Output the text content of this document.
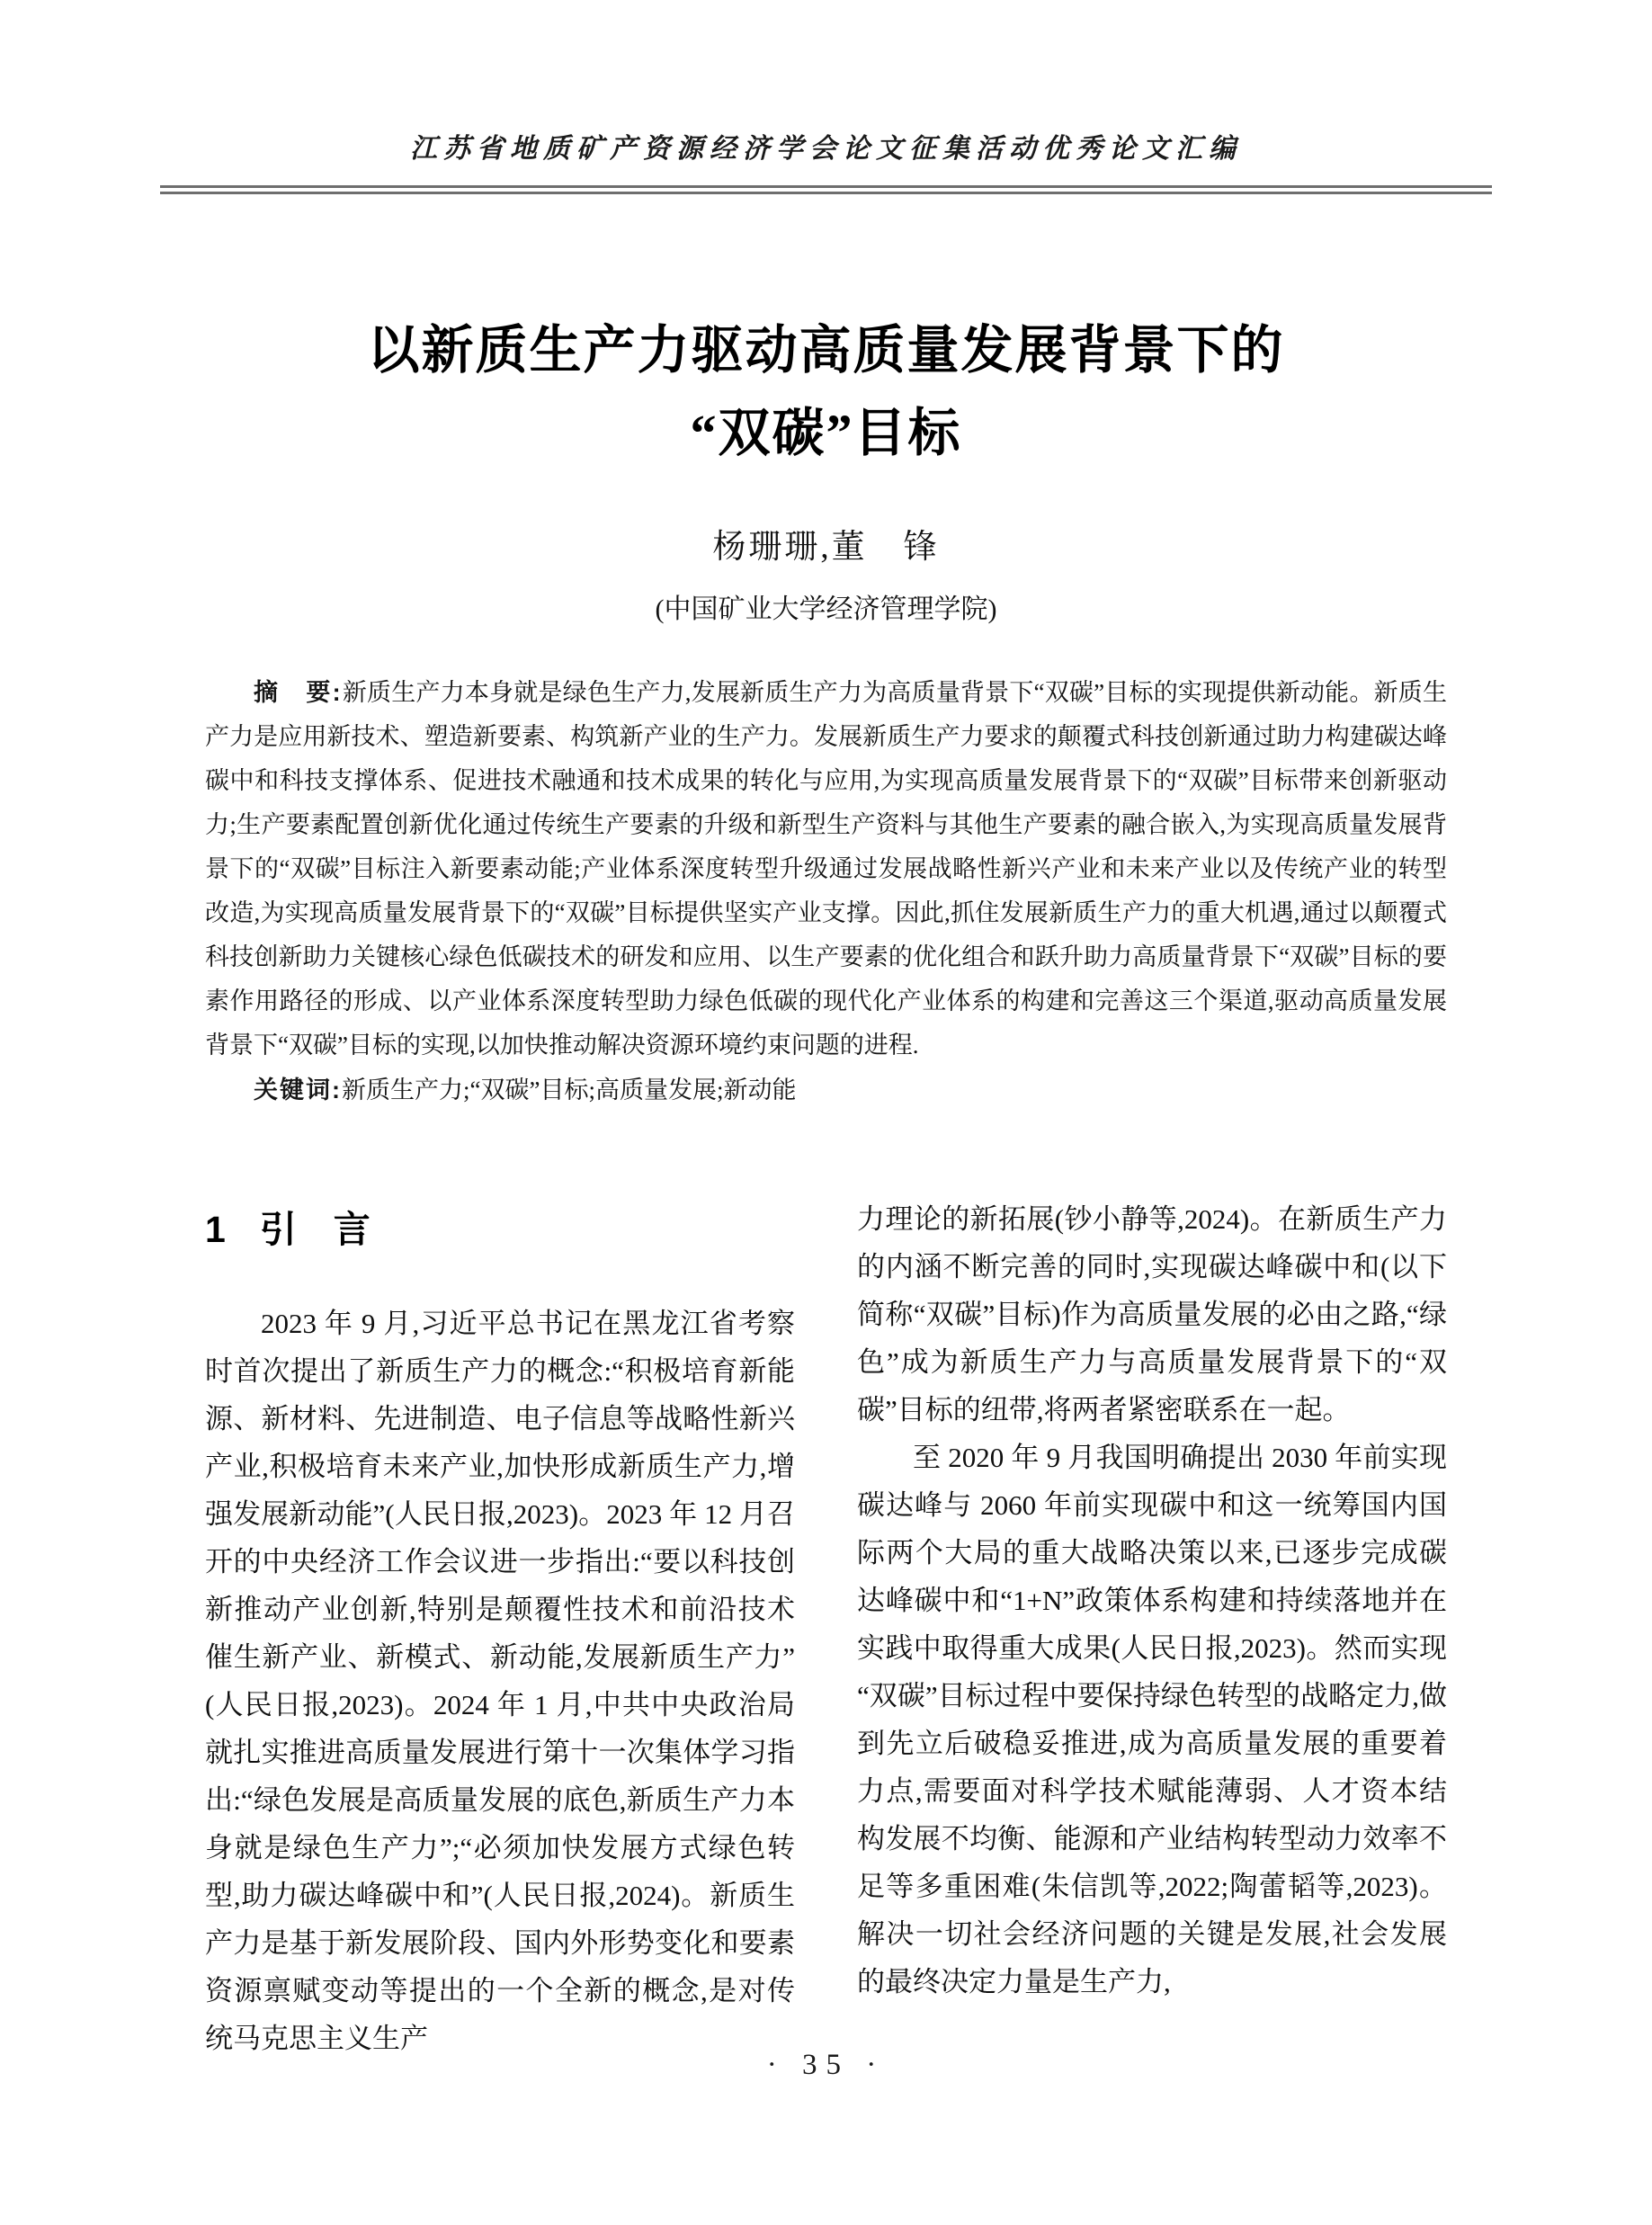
江苏省地质矿产资源经济学会论文征集活动优秀论文汇编
以新质生产力驱动高质量发展背景下的
“双碳”目标
杨珊珊,董　锋
(中国矿业大学经济管理学院)
摘　要:新质生产力本身就是绿色生产力,发展新质生产力为高质量背景下“双碳”目标的实现提供新动能。新质生产力是应用新技术、塑造新要素、构筑新产业的生产力。发展新质生产力要求的颠覆式科技创新通过助力构建碳达峰碳中和科技支撑体系、促进技术融通和技术成果的转化与应用,为实现高质量发展背景下的“双碳”目标带来创新驱动力;生产要素配置创新优化通过传统生产要素的升级和新型生产资料与其他生产要素的融合嵌入,为实现高质量发展背景下的“双碳”目标注入新要素动能;产业体系深度转型升级通过发展战略性新兴产业和未来产业以及传统产业的转型改造,为实现高质量发展背景下的“双碳”目标提供坚实产业支撑。因此,抓住发展新质生产力的重大机遇,通过以颠覆式科技创新助力关键核心绿色低碳技术的研发和应用、以生产要素的优化组合和跃升助力高质量背景下“双碳”目标的要素作用路径的形成、以产业体系深度转型助力绿色低碳的现代化产业体系的构建和完善这三个渠道,驱动高质量发展背景下“双碳”目标的实现,以加快推动解决资源环境约束问题的进程.
关键词:新质生产力;“双碳”目标;高质量发展;新动能
1 引　言

2023 年 9 月,习近平总书记在黑龙江省考察时首次提出了新质生产力的概念:“积极培育新能源、新材料、先进制造、电子信息等战略性新兴产业,积极培育未来产业,加快形成新质生产力,增强发展新动能”(人民日报,2023)。2023 年 12 月召开的中央经济工作会议进一步指出:“要以科技创新推动产业创新,特别是颠覆性技术和前沿技术催生新产业、新模式、新动能,发展新质生产力”(人民日报,2023)。2024 年 1 月,中共中央政治局就扎实推进高质量发展进行第十一次集体学习指出:“绿色发展是高质量发展的底色,新质生产力本身就是绿色生产力”;“必须加快发展方式绿色转型,助力碳达峰碳中和”(人民日报,2024)。新质生产力是基于新发展阶段、国内外形势变化和要素资源禀赋变动等提出的一个全新的概念,是对传统马克思主义生产

力理论的新拓展(钞小静等,2024)。在新质生产力的内涵不断完善的同时,实现碳达峰碳中和(以下简称“双碳”目标)作为高质量发展的必由之路,“绿色”成为新质生产力与高质量发展背景下的“双碳”目标的纽带,将两者紧密联系在一起。

至 2020 年 9 月我国明确提出 2030 年前实现碳达峰与 2060 年前实现碳中和这一统筹国内国际两个大局的重大战略决策以来,已逐步完成碳达峰碳中和“1+N”政策体系构建和持续落地并在实践中取得重大成果(人民日报,2023)。然而实现“双碳”目标过程中要保持绿色转型的战略定力,做到先立后破稳妥推进,成为高质量发展的重要着力点,需要面对科学技术赋能薄弱、人才资本结构发展不均衡、能源和产业结构转型动力效率不足等多重困难(朱信凯等,2022;陶蕾韬等,2023)。解决一切社会经济问题的关键是发展,社会发展的最终决定力量是生产力,

· 35 ·
